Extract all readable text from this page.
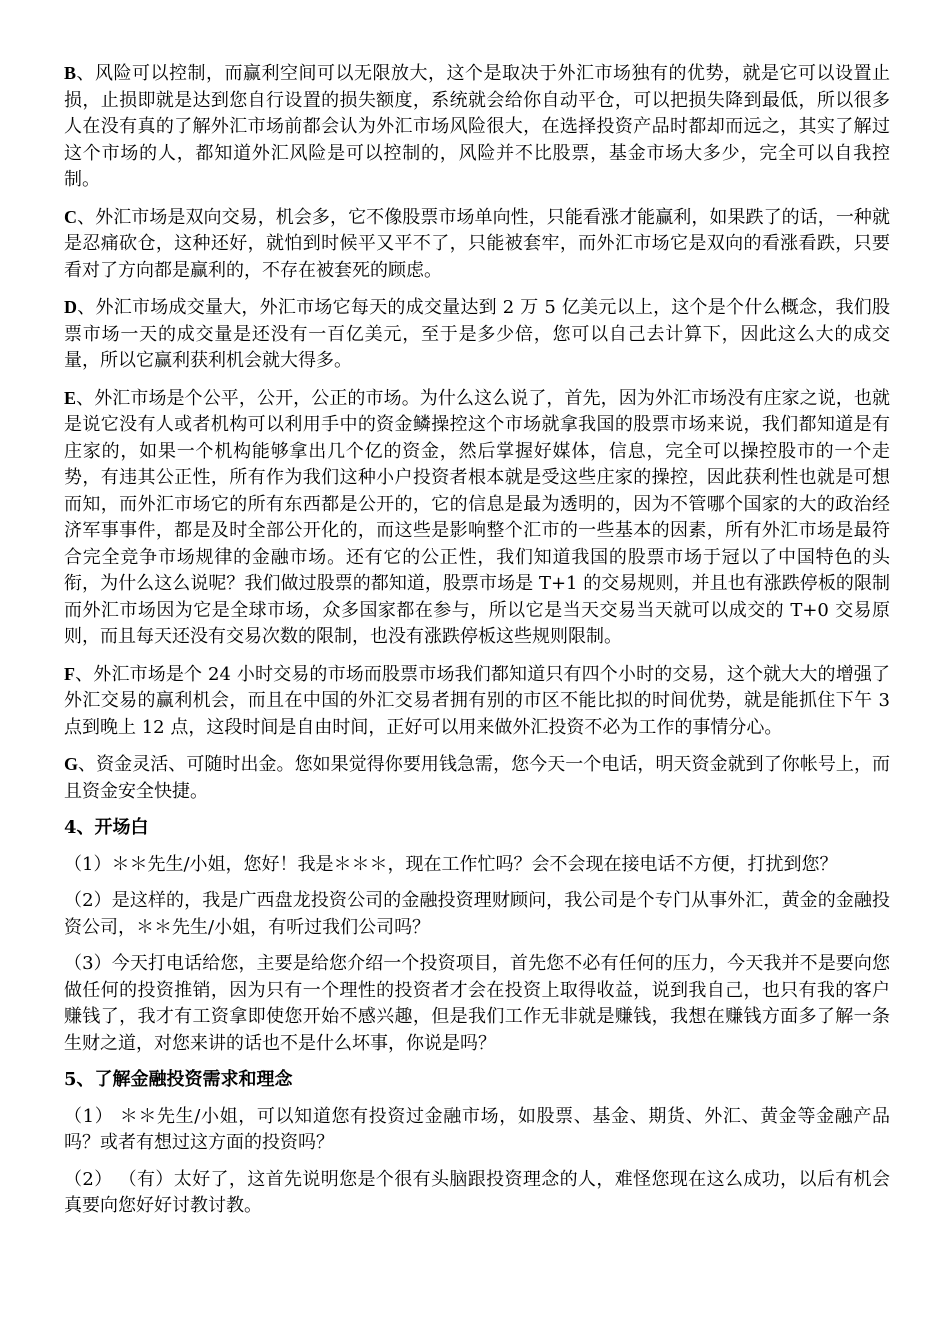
B、风险可以控制，而赢利空间可以无限放大，这个是取决于外汇市场独有的优势，就是它可以设置止损，止损即就是达到您自行设置的损失额度，系统就会给你自动平仓，可以把损失降到最低，所以很多人在没有真的了解外汇市场前都会认为外汇市场风险很大，在选择投资产品时都却而远之，其实了解过这个市场的人，都知道外汇风险是可以控制的，风险并不比股票，基金市场大多少，完全可以自我控制。

C、外汇市场是双向交易，机会多，它不像股票市场单向性，只能看涨才能赢利，如果跌了的话，一种就是忍痛砍仓，这种还好，就怕到时候平又平不了，只能被套牢，而外汇市场它是双向的看涨看跌，只要看对了方向都是赢利的，不存在被套死的顾虑。

D、外汇市场成交量大，外汇市场它每天的成交量达到 2 万 5 亿美元以上，这个是个什么概念，我们股票市场一天的成交量是还没有一百亿美元，至于是多少倍，您可以自己去计算下，因此这么大的成交量，所以它赢利获利机会就大得多。

E、外汇市场是个公平，公开，公正的市场。为什么这么说了，首先，因为外汇市场没有庄家之说，也就是说它没有人或者机构可以利用手中的资金鳞操控这个市场就拿我国的股票市场来说，我们都知道是有庄家的，如果一个机构能够拿出几个亿的资金，然后掌握好媒体，信息，完全可以操控股市的一个走势，有违其公正性，所有作为我们这种小户投资者根本就是受这些庄家的操控，因此获利性也就是可想而知，而外汇市场它的所有东西都是公开的，它的信息是最为透明的，因为不管哪个国家的大的政治经济军事事件，都是及时全部公开化的，而这些是影响整个汇市的一些基本的因素，所有外汇市场是最符合完全竞争市场规律的金融市场。还有它的公正性，我们知道我国的股票市场于冠以了中国特色的头衔，为什么这么说呢？我们做过股票的都知道，股票市场是 T+1 的交易规则，并且也有涨跌停板的限制而外汇市场因为它是全球市场，众多国家都在参与，所以它是当天交易当天就可以成交的 T+0 交易原则，而且每天还没有交易次数的限制，也没有涨跌停板这些规则限制。

F、外汇市场是个 24 小时交易的市场而股票市场我们都知道只有四个小时的交易，这个就大大的增强了外汇交易的赢利机会，而且在中国的外汇交易者拥有别的市区不能比拟的时间优势，就是能抓住下午 3 点到晚上 12 点，这段时间是自由时间，正好可以用来做外汇投资不必为工作的事情分心。

G、资金灵活、可随时出金。您如果觉得你要用钱急需，您今天一个电话，明天资金就到了你帐号上，而且资金安全快捷。

4、开场白

（1）＊＊先生/小姐，您好！我是＊＊＊，现在工作忙吗？会不会现在接电话不方便，打扰到您？

（2）是这样的，我是广西盘龙投资公司的金融投资理财顾问，我公司是个专门从事外汇，黄金的金融投资公司，＊＊先生/小姐，有听过我们公司吗？

（3）今天打电话给您，主要是给您介绍一个投资项目，首先您不必有任何的压力，今天我并不是要向您做任何的投资推销，因为只有一个理性的投资者才会在投资上取得收益，说到我自己，也只有我的客户赚钱了，我才有工资拿即使您开始不感兴趣，但是我们工作无非就是赚钱，我想在赚钱方面多了解一条生财之道，对您来讲的话也不是什么坏事，你说是吗？

5、了解金融投资需求和理念

（1） ＊＊先生/小姐，可以知道您有投资过金融市场，如股票、基金、期货、外汇、黄金等金融产品吗？或者有想过这方面的投资吗？

（2） （有）太好了，这首先说明您是个很有头脑跟投资理念的人，难怪您现在这么成功，以后有机会真要向您好好讨教讨教。
